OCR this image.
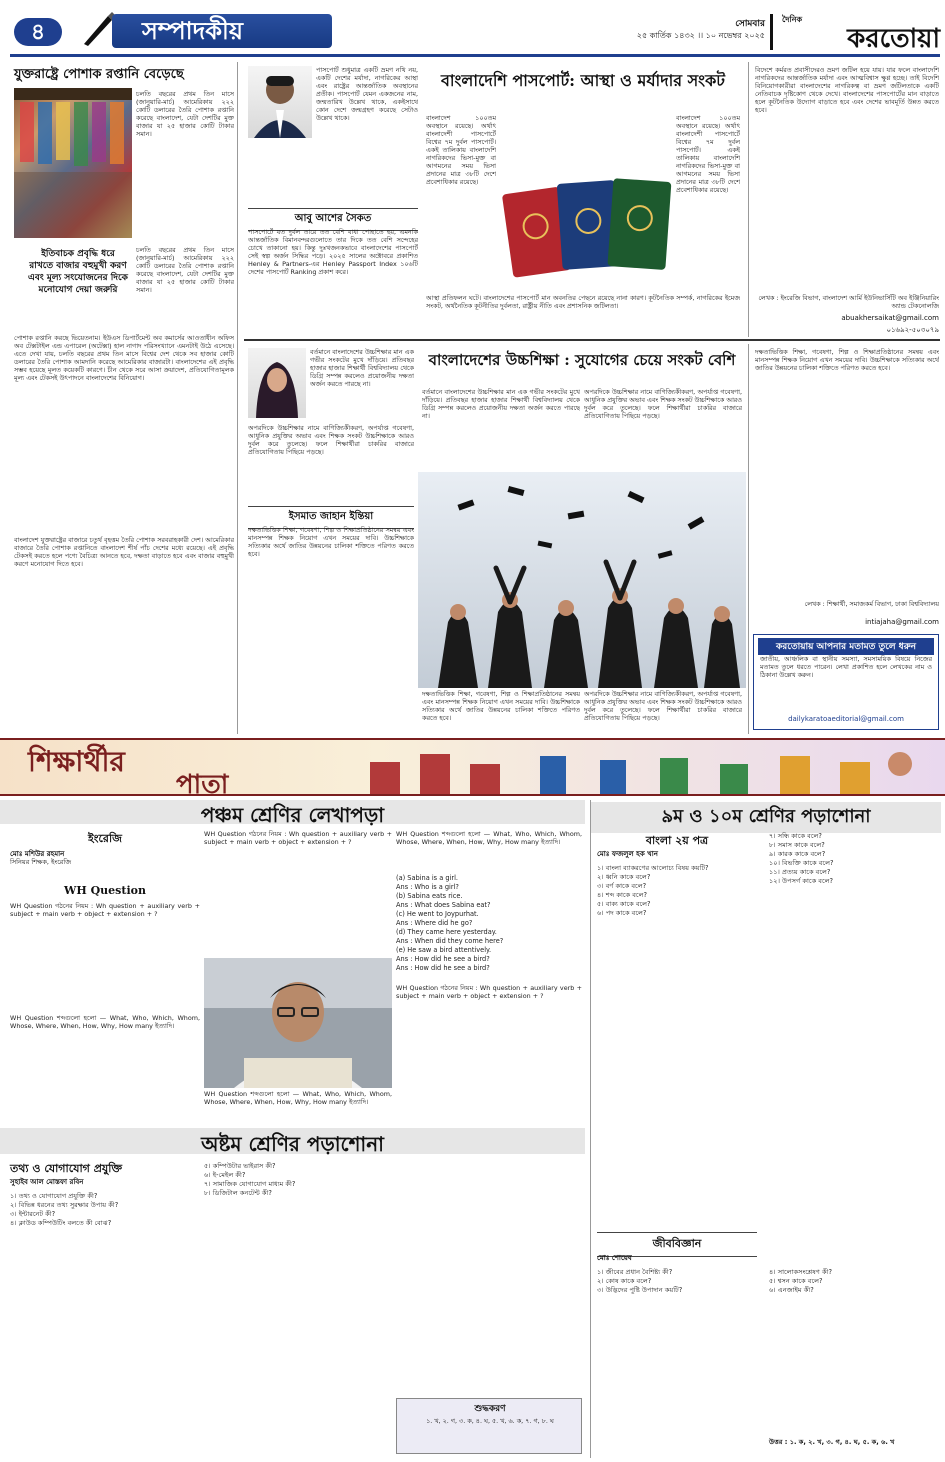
৪	সম্পাদকীয়	সোমবার
২৫ কার্তিক ১৪৩২ ।। ১০ নভেম্বর ২০২৫
দৈনিক
করতোয়া
যুক্তরাষ্ট্রে পোশাক রপ্তানি বেড়েছে
চলতি বছরের প্রথম তিন মাসে (জানুয়ারি-মার্চ) আমেরিকায় ২২২ কোটি ডলারের তৈরি পোশাক রপ্তানি করেছে বাংলাদেশ, যেটা দেশটির মুক্ত বাজার যা ২৫ হাজার কোটি টাকার সমান।
ইতিবাচক প্রবৃদ্ধি ধরে রাখতে বাজার বহুমুখী করণ এবং মূল্য সংযোজনের দিকে মনোযোগ দেয়া জরুরি
চলতি বছরের প্রথম তিন মাসে (জানুয়ারি-মার্চ) আমেরিকায় ২২২ কোটি ডলারের তৈরি পোশাক রপ্তানি করেছে বাংলাদেশ, যেটা দেশটির মুক্ত বাজার যা ২৫ হাজার কোটি টাকার সমান।
পোশাক রপ্তানি করছে ভিয়েতনাম। ইউএস ডিপার্টমেন্ট অব কমার্সের আওতাধীন অফিস অব টেক্সটাইল এন্ড এপারেল (অটেক্সা) হাল নাগাদ পরিসংখ্যানে এমনটাই উঠে এসেছে। এতে দেখা যায়, চলতি বছরের প্রথম তিন মাসে বিশ্বের দেশ থেকে সব হাজার কোটি ডলারের তৈরি পোশাক আমদানি করেছে আমেরিকার বাজারটা। বাংলাদেশের এই প্রবৃদ্ধি সম্ভব হয়েছে মূলত কয়েকটি কারণে। চীন থেকে সরে আসা ক্রয়াদেশ, প্রতিযোগিতামূলক মূল্য এবং টেকসই উৎপাদনে বাংলাদেশের বিনিয়োগ।
বাংলাদেশ যুক্তরাষ্ট্রের বাজারে চতুর্থ বৃহত্তম তৈরি পোশাক সরবরাহকারী দেশ। আমেরিকার বাজারে তৈরি পোশাক রপ্তানিতে বাংলাদেশ শীর্ষ পাঁচ দেশের মধ্যে রয়েছে। এই প্রবৃদ্ধি টেকসই করতে হলে পণ্যে বৈচিত্র্য আনতে হবে, দক্ষতা বাড়াতে হবে এবং বাজার বহুমুখী করণে মনোযোগ দিতে হবে।
পাসপোর্ট শুধুমাত্র একটি ভ্রমণ নথি নয়, একটি দেশের মর্যাদা, নাগরিকের আস্থা এবং রাষ্ট্রের আন্তর্জাতিক অবস্থানের প্রতীক। পাসপোর্ট যেমন একজনের নাম, জন্মতারিখ উল্লেখ থাকে, একইসাথে কোন দেশে জন্মগ্রহণ করেছে সেটাও উল্লেখ থাকে।
আবু আশের সৈকত
পাসপোর্টে যত দুর্বল তারে তত বেশি বাধা পোহাতে হয়, এমনকি আন্তর্জাতিক বিমানবন্দরগুলোতে তার দিকে তত বেশি সন্দেহের চোখে তাকানো হয়। কিন্তু দুঃখজনকভাবে বাংলাদেশের পাসপোর্ট সেই স্বল্প অর্জন সিদ্ধির পড়ে। ২০২৫ সালের অক্টোবরে প্রকাশিত Henley & Partners-এর Henley Passport Index ১০৬টি দেশের পাসপোর্ট Ranking প্রকাশ করে।
বাংলাদেশি পাসপোর্ট: আস্থা ও মর্যাদার সংকট
বাংলাদেশ ১০০তম অবস্থানে রয়েছে। অর্থাৎ বাংলাদেশী পাসপোর্টে বিশ্বের ৭ম দুর্বল পাসপোর্ট। একই তালিকায় বাংলাদেশি নাগরিকদের ভিসা-মুক্ত বা আগমনের সময় ভিসা প্রদানের মাত্র ৩৮টি দেশে প্রবেশাধিকার রয়েছে।
বাংলাদেশ ১০০তম অবস্থানে রয়েছে। অর্থাৎ বাংলাদেশী পাসপোর্টে বিশ্বের ৭ম দুর্বল পাসপোর্ট। একই তালিকায় বাংলাদেশি নাগরিকদের ভিসা-মুক্ত বা আগমনের সময় ভিসা প্রদানের মাত্র ৩৮টি দেশে প্রবেশাধিকার রয়েছে।
আস্থা প্রতিফলন ঘটে। বাংলাদেশের পাসপোর্ট মান অবনতির পেছনে রয়েছে নানা কারণ। কূটনৈতিক সম্পর্ক, নাগরিকের ইমেজ সংকট, অর্থনৈতিক কূটনীতির দুর্বলতা, রাষ্ট্রীয় নীতি এবং প্রশাসনিক জটিলতা।
বিদেশে কর্মরত প্রবাসীদেরও ভ্রমণ জটিল হয়ে যায়। যার ফলে বাংলাদেশি নাগরিকদের আন্তর্জাতিক মর্যাদা এবং আত্মবিশ্বাস ক্ষুণ্ণ হচ্ছে। তাই বিদেশি বিনিয়োগকারীরা বাংলাদেশের নাগরিকত্ব বা ভ্রমণ জটিলতাকে একটি নেতিবাচক দৃষ্টিকোণ থেকে দেখে। বাংলাদেশের পাসপোর্টের মান বাড়াতে হলে কূটনৈতিক উদ্যোগ বাড়াতে হবে এবং দেশের ভাবমূর্তি উন্নত করতে হবে।
লেখক : ইংরেজি বিভাগ, বাংলাদেশ আর্মি ইউনিভার্সিটি অব ইঞ্জিনিয়ারিং অ্যান্ড টেকনোলজি
abuakhersaikat@gmail.com
০১৬৯২-৫০৩০৭৯
বর্তমানে বাংলাদেশের উচ্চশিক্ষার মান এক গভীর সংকটের মুখে দাঁড়িয়ে। প্রতিবছর হাজার হাজার শিক্ষার্থী বিশ্ববিদ্যালয় থেকে ডিগ্রি সম্পন্ন করলেও প্রয়োজনীয় দক্ষতা অর্জন করতে পারছে না।
অপরদিকে উচ্চশিক্ষার নামে বাণিজ্যিকীকরণ, অপর্যাপ্ত গবেষণা, আধুনিক প্রযুক্তির অভাব এবং শিক্ষক সংকট উচ্চশিক্ষাকে আরও দুর্বল করে তুলেছে। ফলে শিক্ষার্থীরা চাকরির বাজারে প্রতিযোগিতায় পিছিয়ে পড়ছে।
ইসমাত জাহান ইন্তিয়া
দক্ষতাভিত্তিক শিক্ষা, গবেষণা, শিল্প ও শিক্ষাপ্রতিষ্ঠানের সমন্বয় এবং মানসম্পন্ন শিক্ষক নিয়োগ এখন সময়ের দাবি। উচ্চশিক্ষাকে সত্যিকার অর্থে জাতির উন্নয়নের চালিকা শক্তিতে পরিণত করতে হবে।
বাংলাদেশের উচ্চশিক্ষা : সুযোগের চেয়ে সংকট বেশি
বর্তমানে বাংলাদেশের উচ্চশিক্ষার মান এক গভীর সংকটের মুখে দাঁড়িয়ে। প্রতিবছর হাজার হাজার শিক্ষার্থী বিশ্ববিদ্যালয় থেকে ডিগ্রি সম্পন্ন করলেও প্রয়োজনীয় দক্ষতা অর্জন করতে পারছে না।
অপরদিকে উচ্চশিক্ষার নামে বাণিজ্যিকীকরণ, অপর্যাপ্ত গবেষণা, আধুনিক প্রযুক্তির অভাব এবং শিক্ষক সংকট উচ্চশিক্ষাকে আরও দুর্বল করে তুলেছে। ফলে শিক্ষার্থীরা চাকরির বাজারে প্রতিযোগিতায় পিছিয়ে পড়ছে।
দক্ষতাভিত্তিক শিক্ষা, গবেষণা, শিল্প ও শিক্ষাপ্রতিষ্ঠানের সমন্বয় এবং মানসম্পন্ন শিক্ষক নিয়োগ এখন সময়ের দাবি। উচ্চশিক্ষাকে সত্যিকার অর্থে জাতির উন্নয়নের চালিকা শক্তিতে পরিণত করতে হবে।
অপরদিকে উচ্চশিক্ষার নামে বাণিজ্যিকীকরণ, অপর্যাপ্ত গবেষণা, আধুনিক প্রযুক্তির অভাব এবং শিক্ষক সংকট উচ্চশিক্ষাকে আরও দুর্বল করে তুলেছে। ফলে শিক্ষার্থীরা চাকরির বাজারে প্রতিযোগিতায় পিছিয়ে পড়ছে।
দক্ষতাভিত্তিক শিক্ষা, গবেষণা, শিল্প ও শিক্ষাপ্রতিষ্ঠানের সমন্বয় এবং মানসম্পন্ন শিক্ষক নিয়োগ এখন সময়ের দাবি। উচ্চশিক্ষাকে সত্যিকার অর্থে জাতির উন্নয়নের চালিকা শক্তিতে পরিণত করতে হবে।
লেখক : শিক্ষার্থী, সমাজকর্ম বিভাগ, ঢাকা বিশ্ববিদ্যালয়
intiajaha@gmail.com
করতোয়ায় আপনার মতামত তুলে ধরুন
জাতীয়, আঞ্চলিক বা স্থানীয় সমস্যা, সমসাময়িক বিষয়ে নিজের মতামত তুলে ধরতে পারেন। লেখা প্রকাশিত হলে লেখকের নাম ও ঠিকানা উল্লেখ করুন।
dailykaratoaeditorial@gmail.com
শিক্ষার্থীর
পাতা
পঞ্চম শ্রেণির লেখাপড়া
ইংরেজি
মোঃ মশিউর রহমান
সিনিয়র শিক্ষক, ইংরেজি
WH Question
WH Question গঠনের নিয়ম : Wh question + auxiliary verb + subject + main verb + object + extension + ?
WH Question শব্দগুলো হলো — What, Who, Which, Whom, Whose, Where, When, How, Why, How many ইত্যাদি।
WH Question গঠনের নিয়ম : Wh question + auxiliary verb + subject + main verb + object + extension + ?
WH Question শব্দগুলো হলো — What, Who, Which, Whom, Whose, Where, When, How, Why, How many ইত্যাদি।
WH Question শব্দগুলো হলো — What, Who, Which, Whom, Whose, Where, When, How, Why, How many ইত্যাদি।
(a) Sabina is a girl.
Ans : Who is a girl?
(b) Sabina eats rice.
Ans : What does Sabina eat?
(c) He went to Joypurhat.
Ans : Where did he go?
(d) They came here yesterday.
Ans : When did they come here?
(e) He saw a bird attentively.
Ans : How did he see a bird?
Ans : How did he see a bird?
WH Question গঠনের নিয়ম : Wh question + auxiliary verb + subject + main verb + object + extension + ?
অষ্টম শ্রেণির পড়াশোনা
তথ্য ও যোগাযোগ প্রযুক্তি
সুহাইব আল মোস্তফা রবিন
১। তথ্য ও যোগাযোগ প্রযুক্তি কী?
২। বিভিন্ন ধরনের তথ্য সুরক্ষার উপায় কী?
৩। ইন্টারনেট কী?
৪। ক্লাউড কম্পিউটিং বলতে কী বোঝ?
৫। কম্পিউটার ভাইরাস কী?
৬। ই-মেইল কী?
৭। সামাজিক যোগাযোগ মাধ্যম কী?
৮। ডিজিটাল কনটেন্ট কী?
শুদ্ধকরণ
১. খ, ২. গ, ৩. ক, ৪. ঘ, ৫. খ, ৬. ক, ৭. গ, ৮. ঘ
৯ম ও ১০ম শ্রেণির পড়াশোনা
বাংলা ২য় পত্র
মোঃ ফজলুল হক খান
১। বাংলা ব্যাকরণের আলোচ্য বিষয় কয়টি?
২। ধ্বনি কাকে বলে?
৩। বর্ণ কাকে বলে?
৪। শব্দ কাকে বলে?
৫। বাক্য কাকে বলে?
৬। পদ কাকে বলে?
৭। সন্ধি কাকে বলে?
৮। সমাস কাকে বলে?
৯। কারক কাকে বলে?
১০। বিভক্তি কাকে বলে?
১১। প্রত্যয় কাকে বলে?
১২। উপসর্গ কাকে বলে?
জীববিজ্ঞান
মোঃ শোয়েব
১। জীবের প্রধান বৈশিষ্ট্য কী?
২। কোষ কাকে বলে?
৩। উদ্ভিদের পুষ্টি উপাদান কয়টি?
৪। সালোকসংশ্লেষণ কী?
৫। শ্বসন কাকে বলে?
৬। এনজাইম কী?
উত্তর : ১. ক, ২. খ, ৩. গ, ৪. ঘ, ৫. ক, ৬. খ
